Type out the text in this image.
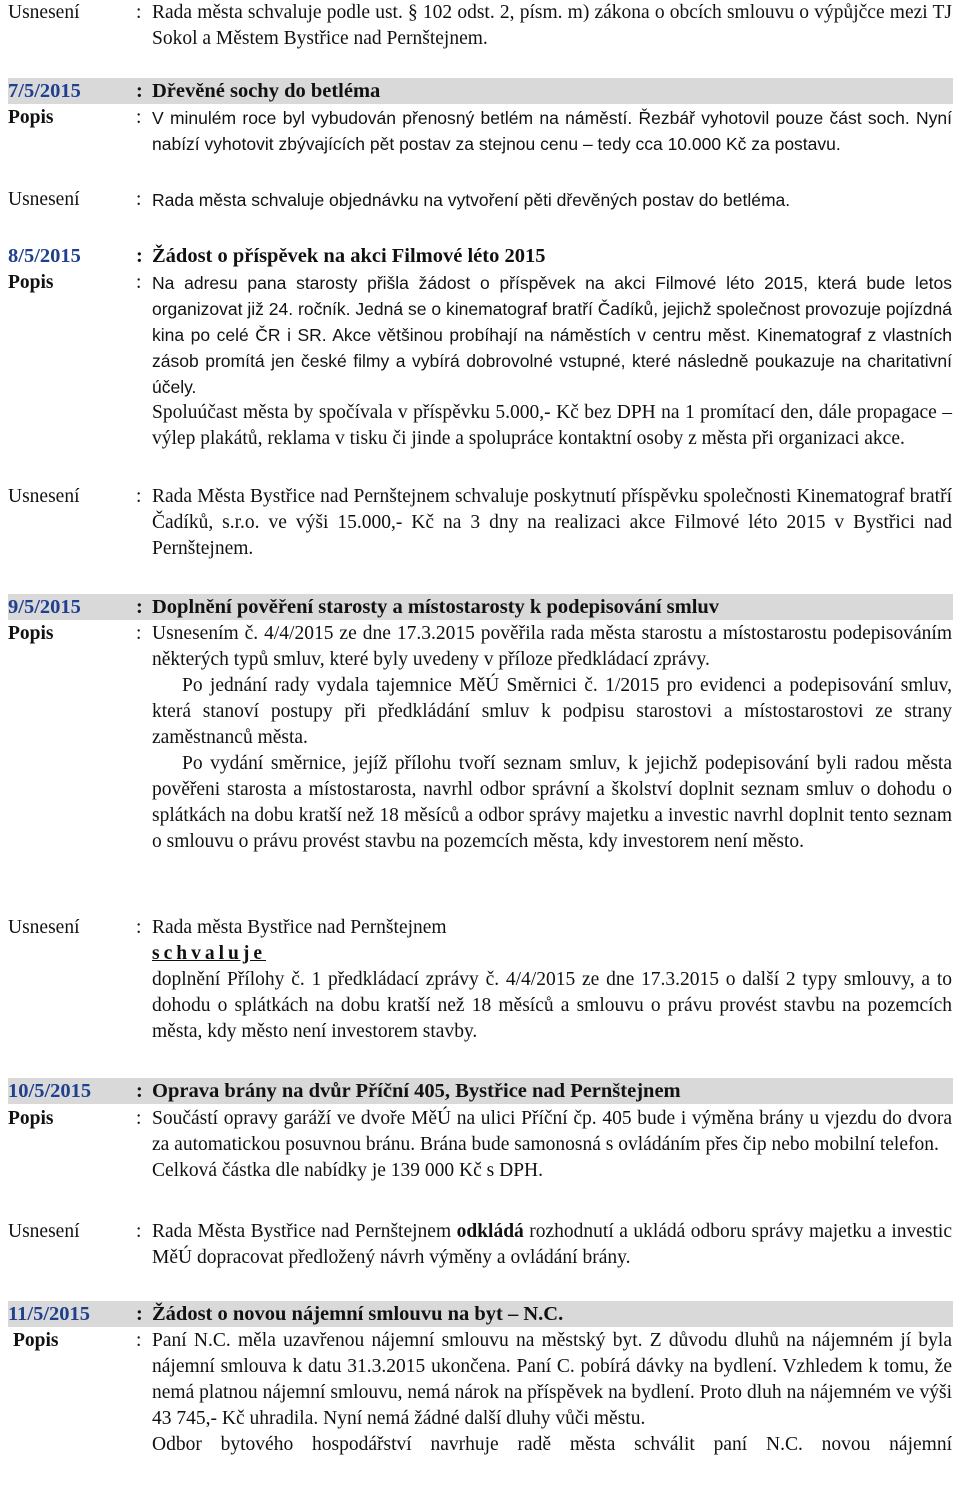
Usnesení	: Rada města schvaluje podle ust. § 102 odst. 2, písm. m) zákona o obcích smlouvu o výpůjčce mezi TJ Sokol a Městem Bystřice nad Pernštejnem.

7/5/2015	: Dřevěné sochy do betléma
Popis	: V minulém roce byl vybudován přenosný betlém na náměstí. Řezbář vyhotovil pouze část soch. Nyní nabízí vyhotovit zbývajících pět postav za stejnou cenu – tedy cca 10.000 Kč za postavu.

Usnesení	: Rada města schvaluje objednávku na vytvoření pěti dřevěných postav do betléma.

8/5/2015	: Žádost o příspěvek na akci Filmové léto 2015
Popis	: Na adresu pana starosty přišla žádost o příspěvek na akci Filmové léto 2015, která bude letos organizovat již 24. ročník. Jedná se o kinematograf bratří Čadíků, jejichž společnost provozuje pojízdná kina po celé ČR i SR. Akce většinou probíhají na náměstích v centru měst. Kinematograf z vlastních zásob promítá jen české filmy a vybírá dobrovolné vstupné, které následně poukazuje na charitativní účely.

Spoluúčast města by spočívala v příspěvku 5.000,- Kč bez DPH na 1 promítací den, dále propagace – výlep plakátů, reklama v tisku či jinde a spolupráce kontaktní osoby z města při organizaci akce.

Usnesení	: Rada Města Bystřice nad Pernštejnem schvaluje poskytnutí příspěvku společnosti Kinematograf bratří Čadíků, s.r.o. ve výši 15.000,- Kč na 3 dny na realizaci akce Filmové léto 2015 v Bystřici nad Pernštejnem.

9/5/2015	: Doplnění pověření starosty a místostarosty k podepisování smluv
Popis	: Usnesením č. 4/4/2015 ze dne 17.3.2015 pověřila rada města starostu a místostarostu podepisováním některých typů smluv, které byly uvedeny v příloze předkládací zprávy.

Po jednání rady vydala tajemnice MěÚ Směrnici č. 1/2015 pro evidenci a podepisování smluv, která stanoví postupy při předkládání smluv k podpisu starostovi a místostarostovi ze strany zaměstnanců města.

Po vydání směrnice, jejíž přílohu tvoří seznam smluv, k jejichž podepisování byli radou města pověřeni starosta a místostarosta, navrhl odbor správní a školství doplnit seznam smluv o dohodu o splátkách na dobu kratší než 18 měsíců a odbor správy majetku a investic navrhl doplnit tento seznam o smlouvu o právu provést stavbu na pozemcích města, kdy investorem není město.

Usnesení	: Rada města Bystřice nad Pernštejnem

schvaluje

doplnění Přílohy č. 1 předkládací zprávy č. 4/4/2015 ze dne 17.3.2015 o další 2 typy smlouvy, a to dohodu o splátkách na dobu kratší než 18 měsíců a smlouvu o právu provést stavbu na pozemcích města, kdy město není investorem stavby.

10/5/2015	: Oprava brány na dvůr Příční 405, Bystřice nad Pernštejnem
Popis	: Součástí opravy garáží ve dvoře MěÚ na ulici Příční čp. 405 bude i výměna brány u vjezdu do dvora za automatickou posuvnou bránu. Brána bude samonosná s ovládáním přes čip nebo mobilní telefon.

Celková částka dle nabídky je 139 000 Kč s DPH.

Usnesení	: Rada Města Bystřice nad Pernštejnem odkládá rozhodnutí a ukládá odboru správy majetku a investic MěÚ dopracovat předložený návrh výměny a ovládání brány.

11/5/2015	: Žádost o novou nájemní smlouvu na byt – N.C.
Popis	: Paní N.C. měla uzavřenou nájemní smlouvu na městský byt. Z důvodu dluhů na nájemném jí byla nájemní smlouva k datu 31.3.2015 ukončena. Paní C. pobírá dávky na bydlení. Vzhledem k tomu, že nemá platnou nájemní smlouvu, nemá nárok na příspěvek na bydlení. Proto dluh na nájemném ve výši 43 745,- Kč uhradila. Nyní nemá žádné další dluhy vůči městu.

Odbor bytového hospodářství navrhuje radě města schválit paní N.C. novou nájemní
